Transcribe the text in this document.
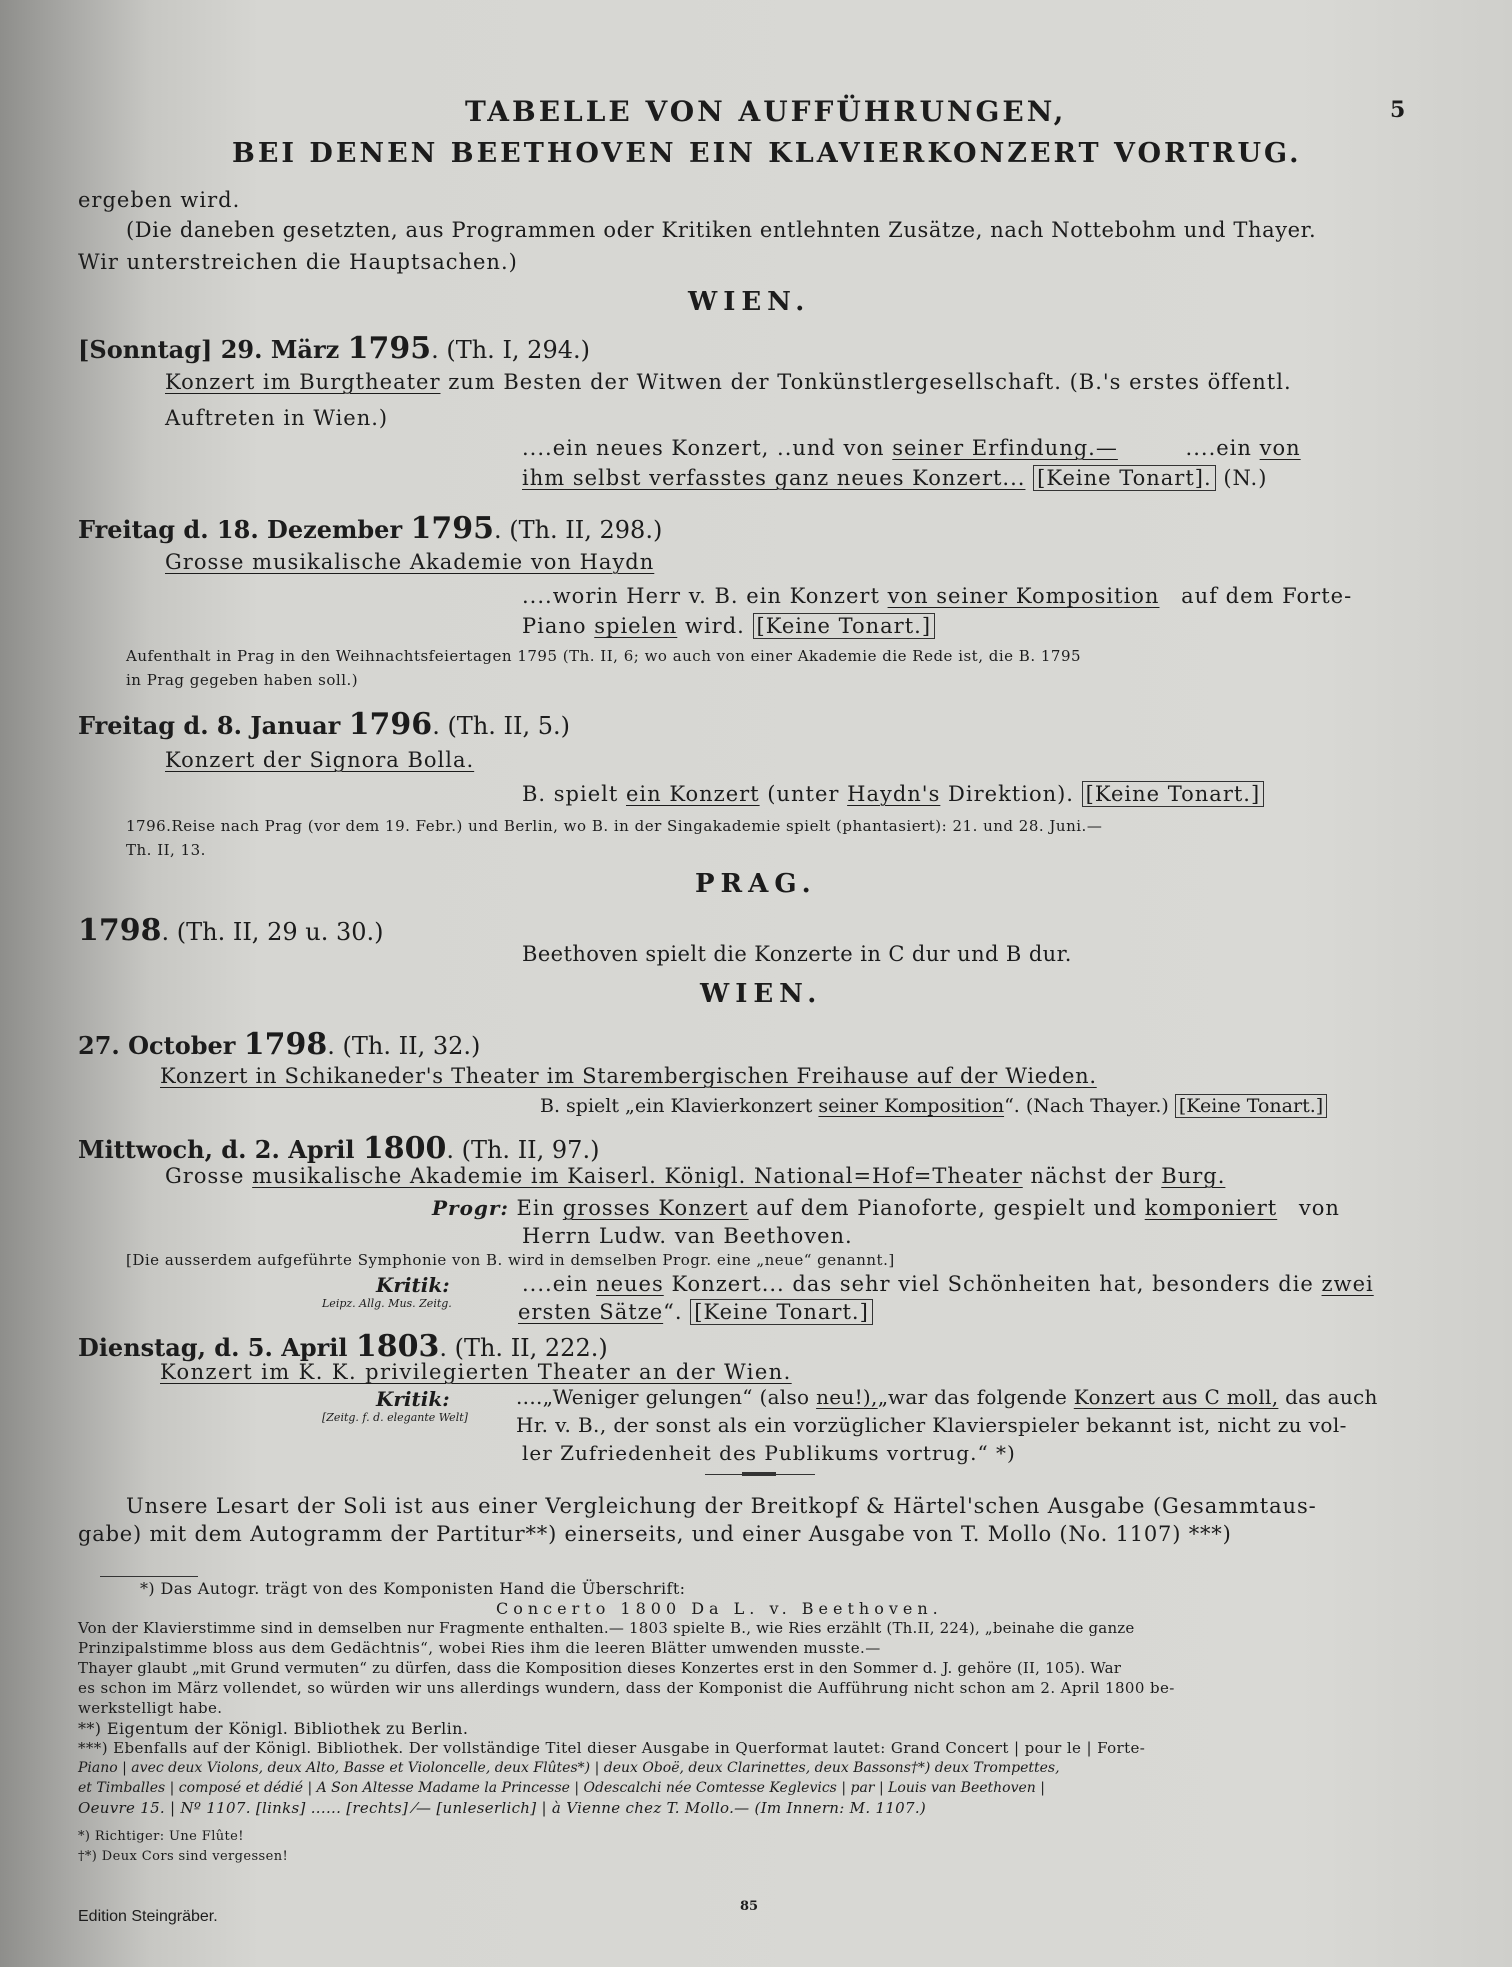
TABELLE VON AUFFÜHRUNGEN,	5
BEI DENEN BEETHOVEN EIN KLAVIERKONZERT VORTRUG.
ergeben wird.
(Die daneben gesetzten, aus Programmen oder Kritiken entlehnten Zusätze, nach Nottebohm und Thayer.
Wir unterstreichen die Hauptsachen.)
WIEN.
[Sonntag] 29. März 1795. (Th. I, 294.)
Konzert im Burgtheater zum Besten der Witwen der Tonkünstlergesellschaft. (B.'s erstes öffentl.
Auftreten in Wien.)
....ein neues Konzert, ..und von seiner Erfindung.—	....ein von
ihm selbst verfasstes ganz neues Konzert... [Keine Tonart]. (N.)
Freitag d. 18. Dezember 1795. (Th. II, 298.)
Grosse musikalische Akademie von Haydn
....worin Herr v. B. ein Konzert von seiner Komposition auf dem Forte-
Piano spielen wird. [Keine Tonart.]
Aufenthalt in Prag in den Weihnachtsfeiertagen 1795 (Th. II, 6; wo auch von einer Akademie die Rede ist, die B. 1795
in Prag gegeben haben soll.)
Freitag d. 8. Januar 1796. (Th. II, 5.)
Konzert der Signora Bolla.
B. spielt ein Konzert (unter Haydn's Direktion). [Keine Tonart.]
1796.Reise nach Prag (vor dem 19. Febr.) und Berlin, wo B. in der Singakademie spielt (phantasiert): 21. und 28. Juni.—
Th. II, 13.
PRAG.
1798. (Th. II, 29 u. 30.)
Beethoven spielt die Konzerte in C dur und B dur.
WIEN.
27. October 1798. (Th. II, 32.)
Konzert in Schikaneder's Theater im Starembergischen Freihause auf der Wieden.
B. spielt „ein Klavierkonzert seiner Komposition“. (Nach Thayer.) [Keine Tonart.]
Mittwoch, d. 2. April 1800. (Th. II, 97.)
Grosse musikalische Akademie im Kaiserl. Königl. National=Hof=Theater nächst der Burg.
Progr: Ein grosses Konzert auf dem Pianoforte, gespielt und komponiert von
Herrn Ludw. van Beethoven.
[Die ausserdem aufgeführte Symphonie von B. wird in demselben Progr. eine „neue“ genannt.]
Kritik:
Leipz. Allg. Mus. Zeitg.
....ein neues Konzert... das sehr viel Schönheiten hat, besonders die zwei
ersten Sätze“. [Keine Tonart.]
Dienstag, d. 5. April 1803. (Th. II, 222.)
Konzert im K. K. privilegierten Theater an der Wien.
Kritik:
[Zeitg. f. d. elegante Welt]
....„Weniger gelungen“ (also neu!),„war das folgende Konzert aus C moll, das auch
Hr. v. B., der sonst als ein vorzüglicher Klavierspieler bekannt ist, nicht zu vol-
ler Zufriedenheit des Publikums vortrug.“ *)
Unsere Lesart der Soli ist aus einer Vergleichung der Breitkopf & Härtel'schen Ausgabe (Gesammtaus-
gabe) mit dem Autogramm der Partitur**) einerseits, und einer Ausgabe von T. Mollo (No. 1107) ***)
*) Das Autogr. trägt von des Komponisten Hand die Überschrift:
Concerto 1800 Da L. v. Beethoven.
Von der Klavierstimme sind in demselben nur Fragmente enthalten.— 1803 spielte B., wie Ries erzählt (Th.II, 224), „beinahe die ganze
Prinzipalstimme bloss aus dem Gedächtnis“, wobei Ries ihm die leeren Blätter umwenden musste.—
Thayer glaubt „mit Grund vermuten“ zu dürfen, dass die Komposition dieses Konzertes erst in den Sommer d. J. gehöre (II, 105). War
es schon im März vollendet, so würden wir uns allerdings wundern, dass der Komponist die Aufführung nicht schon am 2. April 1800 be-
werkstelligt habe.
**) Eigentum der Königl. Bibliothek zu Berlin.
***) Ebenfalls auf der Königl. Bibliothek. Der vollständige Titel dieser Ausgabe in Querformat lautet: Grand Concert | pour le | Forte-
Piano | avec deux Violons, deux Alto, Basse et Violoncelle, deux Flûtes*) | deux Oboë, deux Clarinettes, deux Bassons†*) deux Trompettes,
et Timballes | composé et dédié | A Son Altesse Madame la Princesse | Odescalchi née Comtesse Keglevics | par | Louis van Beethoven |
Oeuvre 15. | Nº 1107. [links] ...... [rechts] ⁄— [unleserlich] | à Vienne chez T. Mollo.— (Im Innern: M. 1107.)
*) Richtiger: Une Flûte!
†*) Deux Cors sind vergessen!
Edition Steingräber.
85
